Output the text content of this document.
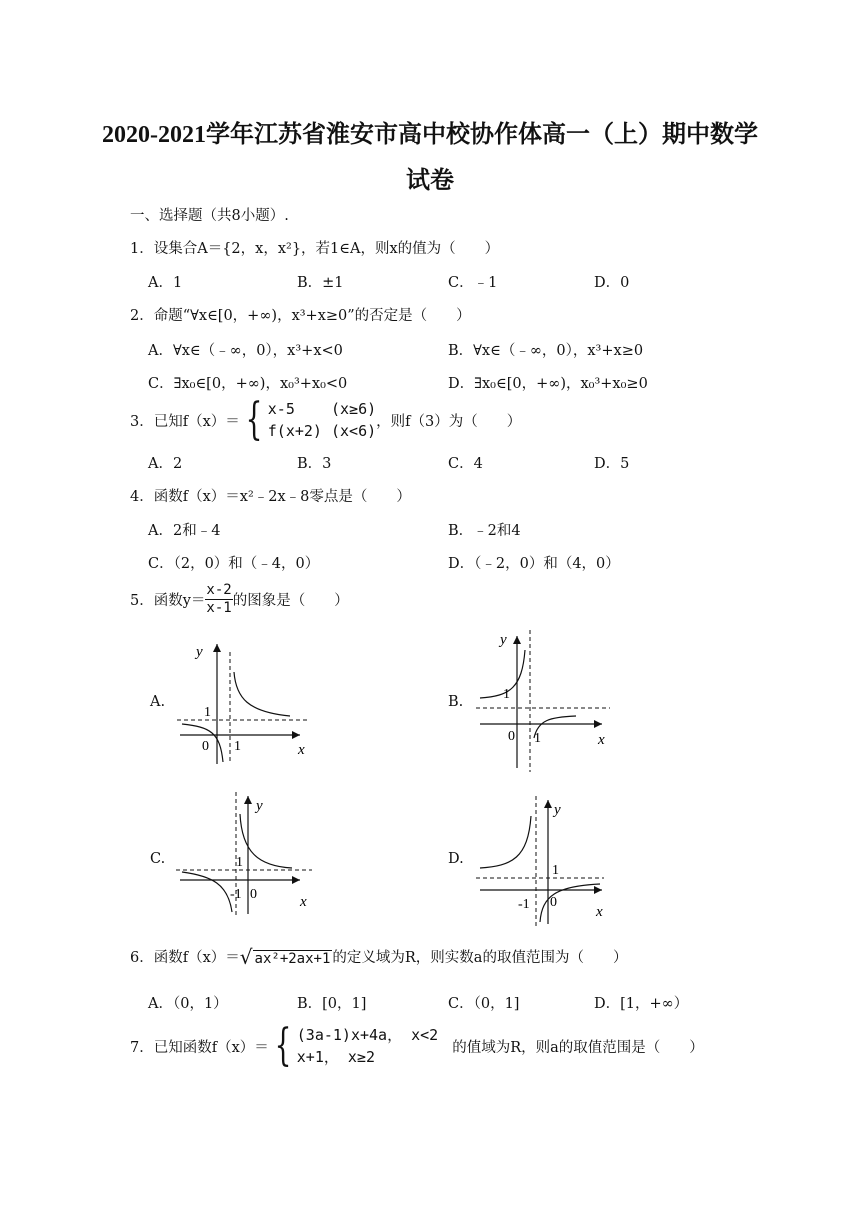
2020-2021学年江苏省淮安市高中校协作体高一（上）期中数学
试卷
一、选择题（共8小题）.
1．设集合A＝{2，x，x²}，若1∈A，则x的值为（　　）
A．1	B．±1	C．﹣1	D．0
2．命题“∀x∈[0，+∞)，x³+x≥0”的否定是（　　）
A．∀x∈（﹣∞，0），x³+x<0	B．∀x∈（﹣∞，0），x³+x≥0
C．∃x₀∈[0，+∞)，x₀³+x₀<0	D．∃x₀∈[0，+∞)，x₀³+x₀≥0
3．已知f（x）＝ { x-5    (x≥6)
f(x+2) (x<6)
，则f（3）为（　　）
A．2	B．3	C．4	D．5
4．函数f（x）＝x²﹣2x﹣8零点是（　　）
A．2和﹣4	B．﹣2和4
C．（2，0）和（﹣4，0）	D．（﹣2，0）和（4，0）
5．函数$y= \frac{x-2}{x-1}$ 的图象是（　　）
A.	B.
C.	D.
y
x
1
0 1
y
x
1
0 1
y
x
1
-1 0
y
x
1
-1 0
6．函数f（x）＝ √ ax²+2ax+1 的定义域为R，则实数a的取值范围为（　　）
A．（0，1）	B．[0，1]	C．（0，1]	D．[1，+∞）
7．已知函数f（x）＝ { (3a-1)x+4a， x<2
x+1， x≥2
的值域为R，则a的取值范围是（　　）
